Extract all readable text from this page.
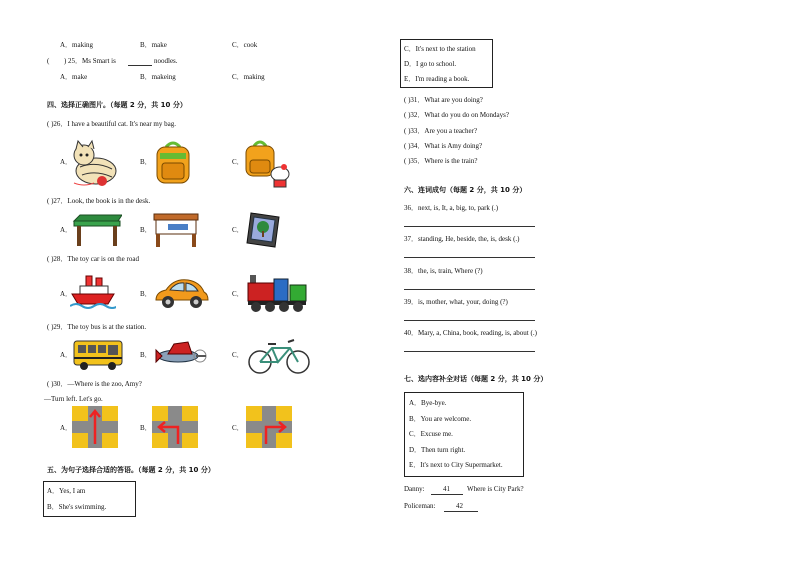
A．making	B．make	C．cook
( ) 25． Ms Smart is	noodles.
A．make	B．makeing	C．making
四、选择正确图片。（每题 2 分，共 10 分）
( )26．I have a beautiful cat. It's near my bag.
A．	B．	C．
( )27．Look, the book is in the desk.
A．	B．	C．
( )28．The toy car is on the road
A．	B．	C．
( )29．The toy bus is at the station.
A．	B．	C．
( )30．—Where is the zoo, Amy?
—Turn left. Let's go.
A．	B．	C．
五、为句子选择合适的答语。（每题 2 分，共 10 分）
A．Yes, I am
B．She's swimming.
C．It's next to the station
D．I go to school.
E．I'm reading a book.
( )31．What are you doing?
( )32．What do you do on Mondays?
( )33．Are you a teacher?
( )34．What is Amy doing?
( )35．Where is the train?
六、连词成句（每题 2 分，共 10 分）
36．next, is, It, a, big, to, park (.)
37．standing, He, beside, the, is, desk (.)
38．the, is, train, Where (?)
39．is, mother, what, your, doing (?)
40．Mary, a, China, book, reading, is, about (.)
七、选内容补全对话（每题 2 分，共 10 分）
A．Bye-bye.
B．You are welcome.
C．Excuse me.
D．Then turn right.
E．It's next to City Supermarket.
Danny:	41 Where is City Park?
Policeman:	42
